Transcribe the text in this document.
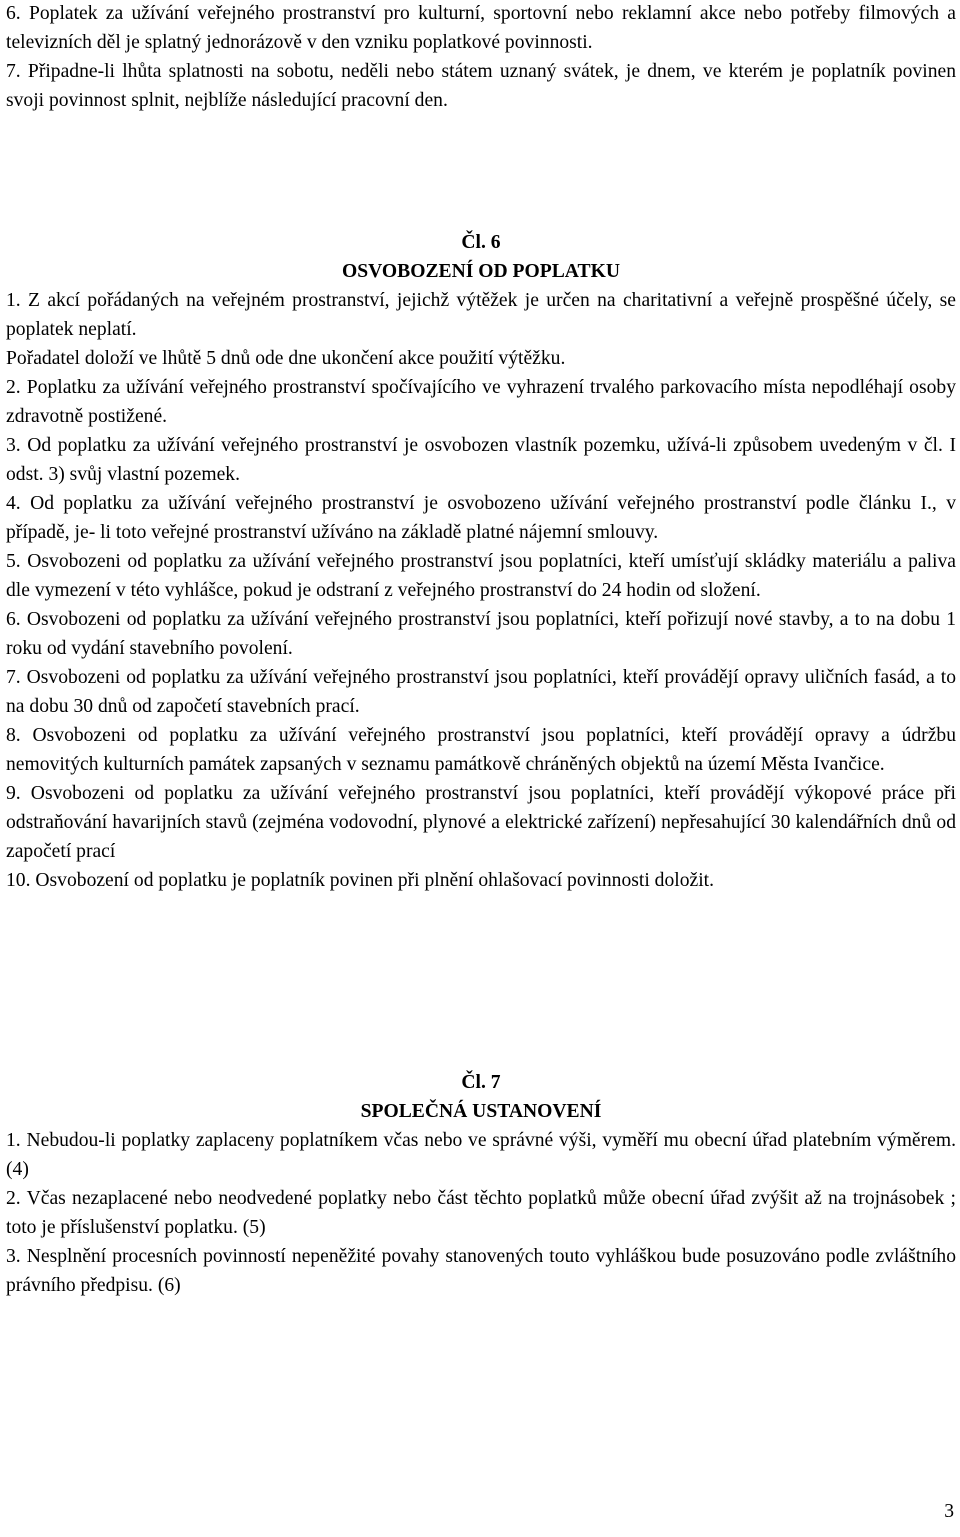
6. Poplatek za užívání veřejného prostranství pro kulturní, sportovní nebo reklamní akce nebo potřeby filmových a televizních děl je splatný jednorázově v den vzniku poplatkové povinnosti.

7. Připadne-li lhůta splatnosti na sobotu, neděli nebo státem uznaný svátek, je dnem, ve kterém je poplatník povinen svoji povinnost splnit, nejblíže následující pracovní den.

Čl. 6

OSVOBOZENÍ OD POPLATKU

1. Z akcí pořádaných na veřejném prostranství, jejichž výtěžek je určen na charitativní a veřejně prospěšné účely, se poplatek neplatí.

Pořadatel doloží ve lhůtě 5 dnů ode dne ukončení akce použití výtěžku.

2. Poplatku za užívání veřejného prostranství spočívajícího ve vyhrazení trvalého parkovacího místa nepodléhají osoby zdravotně postižené.

3. Od poplatku za užívání veřejného prostranství je osvobozen vlastník pozemku, užívá-li způsobem uvedeným v čl. I odst. 3) svůj vlastní pozemek.

4. Od poplatku za užívání veřejného prostranství je osvobozeno užívání veřejného prostranství podle článku I., v případě, je- li toto veřejné prostranství užíváno na základě platné nájemní smlouvy.

5. Osvobozeni od poplatku za užívání veřejného prostranství jsou poplatníci, kteří umísťují skládky materiálu a paliva dle vymezení v této vyhlášce, pokud je odstraní z veřejného prostranství do 24 hodin od složení.

6. Osvobozeni od poplatku za užívání veřejného prostranství jsou poplatníci, kteří pořizují nové stavby, a to na dobu 1 roku od vydání stavebního povolení.

7. Osvobozeni od poplatku za užívání veřejného prostranství jsou poplatníci, kteří provádějí opravy uličních fasád, a to na dobu 30 dnů od započetí stavebních prací.

8. Osvobozeni od poplatku za užívání veřejného prostranství jsou poplatníci, kteří provádějí opravy a údržbu nemovitých kulturních památek zapsaných v seznamu památkově chráněných objektů na území Města Ivančice.

9. Osvobozeni od poplatku za užívání veřejného prostranství jsou poplatníci, kteří provádějí výkopové práce při odstraňování havarijních stavů (zejména vodovodní, plynové a elektrické zařízení) nepřesahující 30 kalendářních dnů od započetí prací

10. Osvobození od poplatku je poplatník povinen při plnění ohlašovací povinnosti doložit.

Čl. 7

SPOLEČNÁ USTANOVENÍ

1. Nebudou-li poplatky zaplaceny poplatníkem včas nebo ve správné výši, vyměří mu obecní úřad platebním výměrem. (4)

2. Včas nezaplacené nebo neodvedené poplatky nebo část těchto poplatků může obecní úřad zvýšit až na trojnásobek ; toto je příslušenství poplatku. (5)

3. Nesplnění procesních povinností nepeněžité povahy stanovených touto vyhláškou bude posuzováno podle zvláštního právního předpisu. (6)

3
